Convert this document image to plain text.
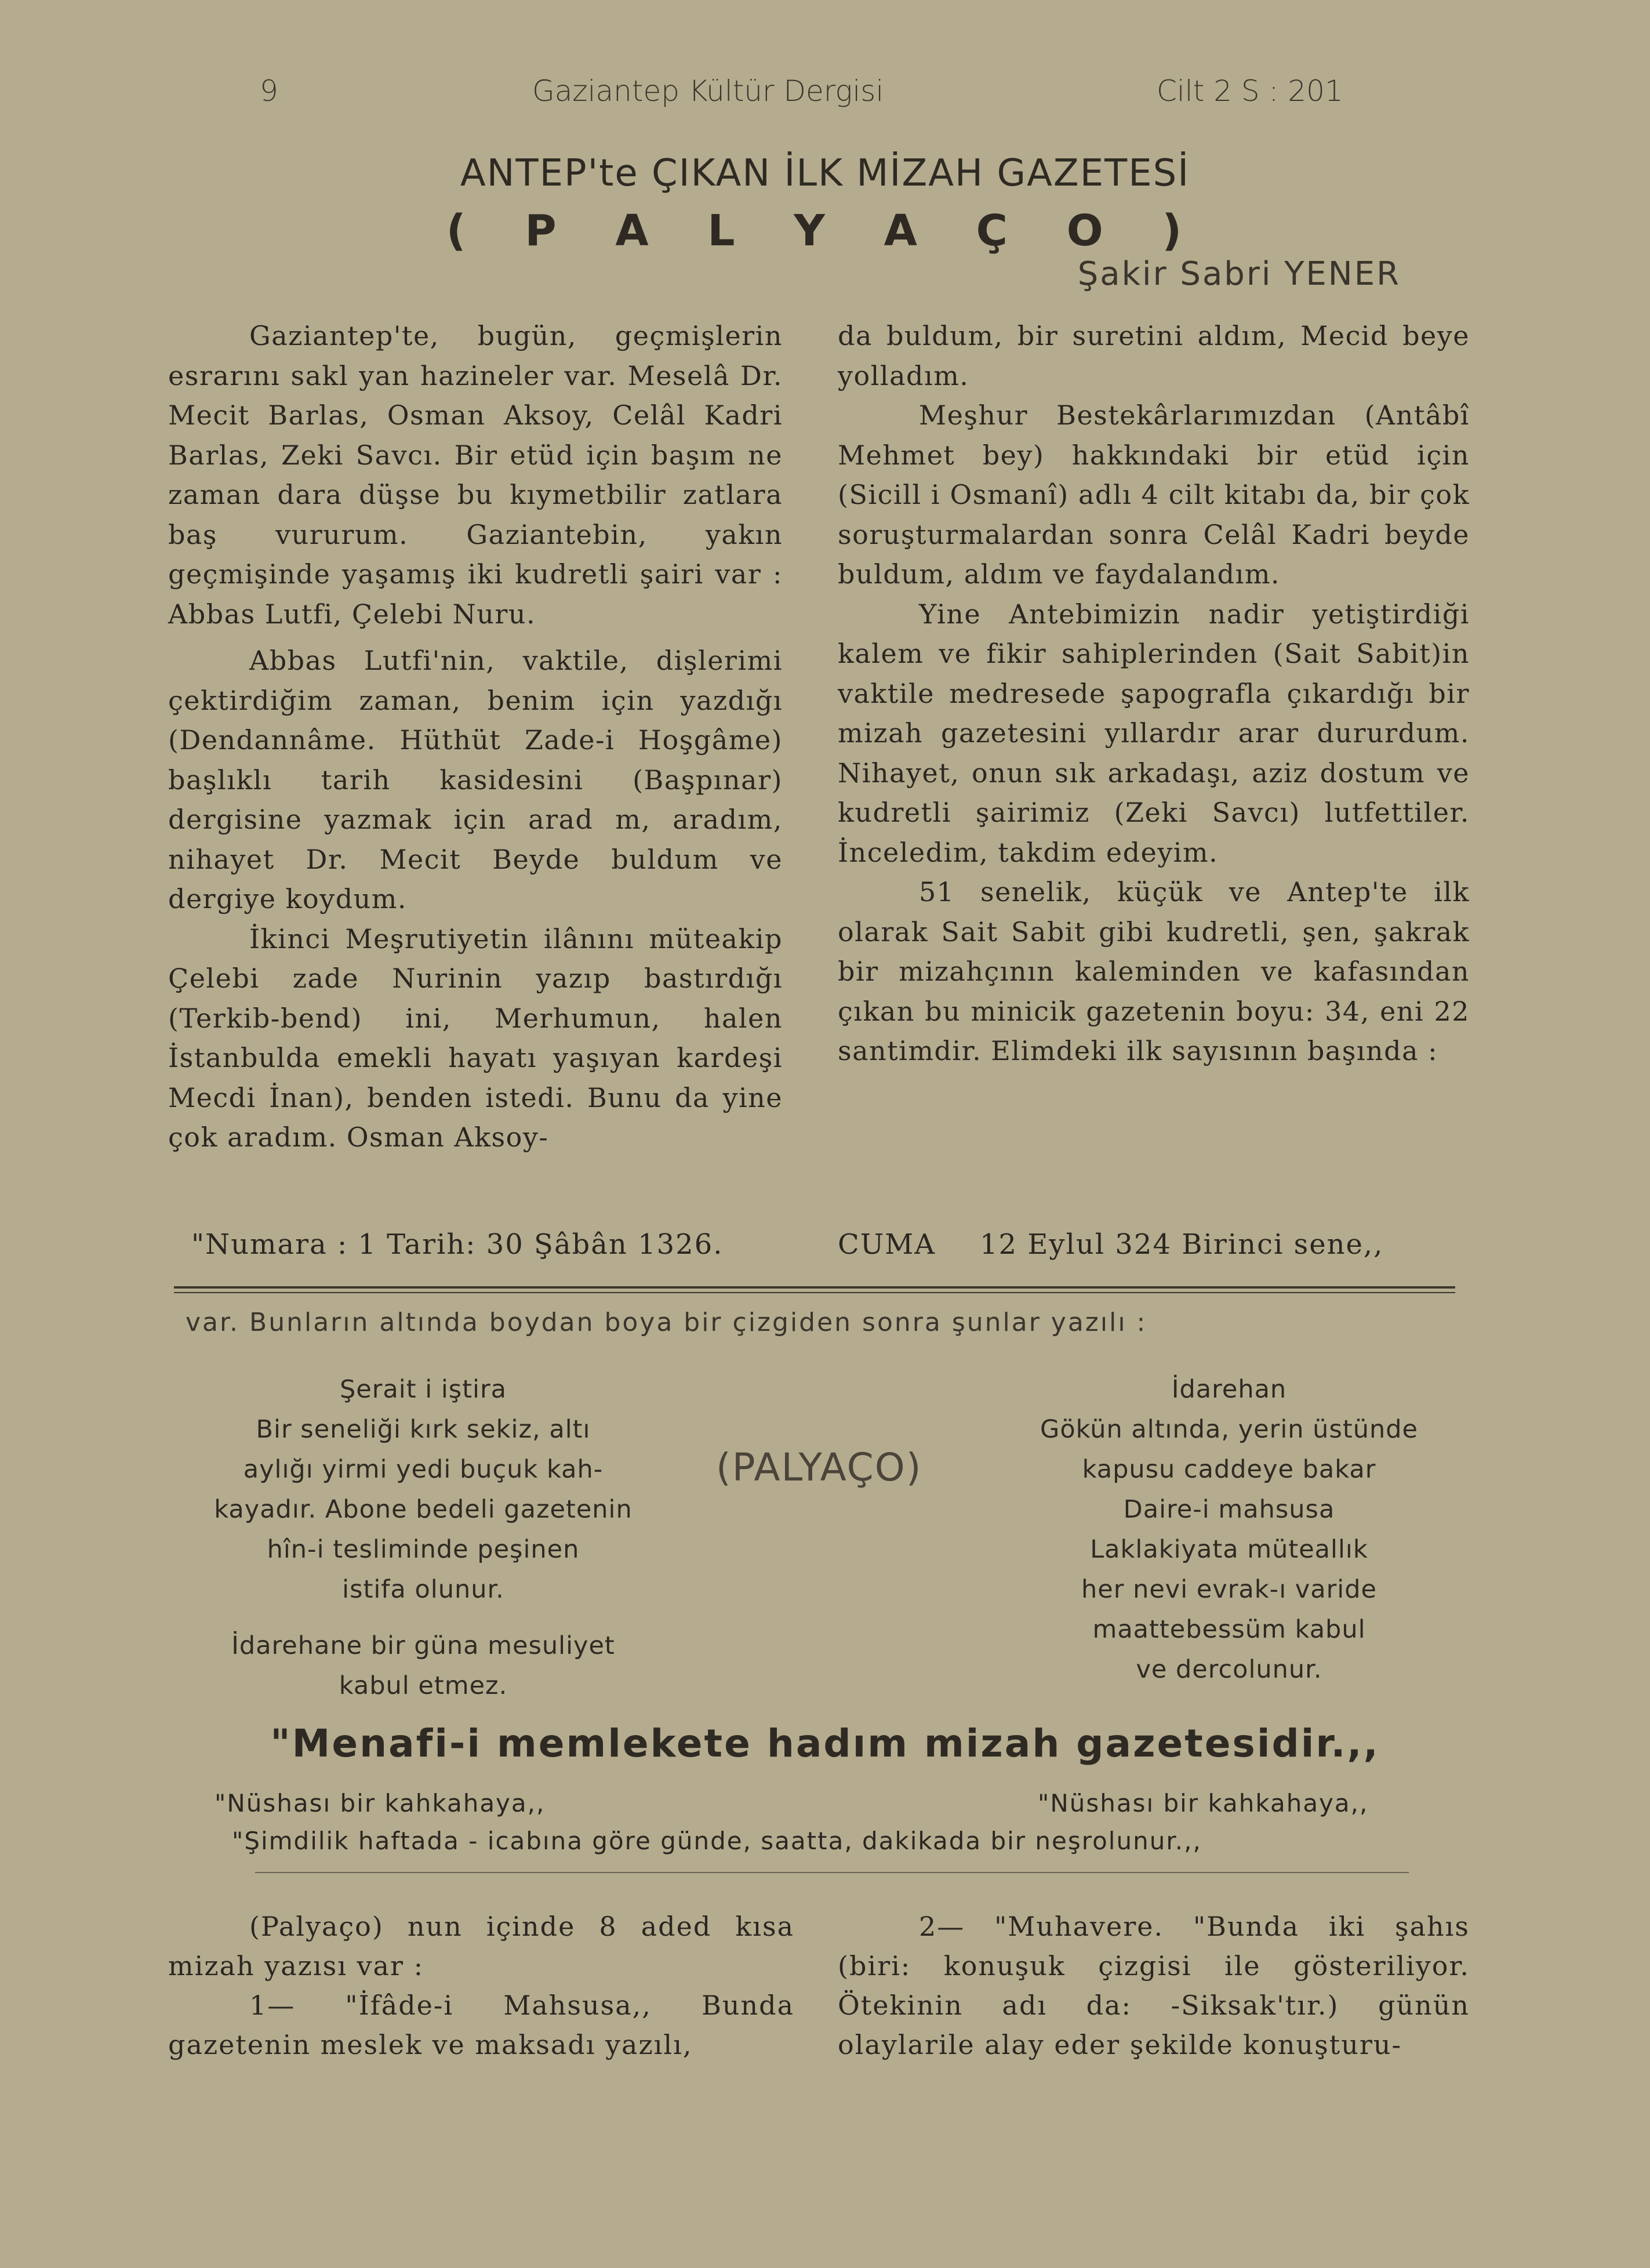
9	Gaziantep Kültür Dergisi	Cilt 2 S : 201
ANTEP'te ÇIKAN İLK MİZAH GAZETESİ
( P A L Y A Ç O )
Şakir Sabri YENER

Gaziantep'te, bugün, geçmişlerin esrarını sakl yan hazineler var. Meselâ Dr. Mecit Barlas, Osman Aksoy, Celâl Kadri Barlas, Zeki Savcı. Bir etüd için başım ne zaman dara düşse bu kıymetbilir zatlara baş vururum. Gaziantebin, yakın geçmişinde yaşamış iki kudretli şairi var : Abbas Lutfi, Çelebi Nuru.

Abbas Lutfi'nin, vaktile, dişlerimi çektirdiğim zaman, benim için yazdığı (Dendannâme. Hüthüt Zade-i Hoşgâme) başlıklı tarih kasidesini (Başpınar) dergisine yazmak için arad m, aradım, nihayet Dr. Mecit Beyde buldum ve dergiye koydum.

İkinci Meşrutiyetin ilânını müteakip Çelebi zade Nurinin yazıp bastırdığı (Terkib-bend) ini, Merhumun, halen İstanbulda emekli hayatı yaşıyan kardeşi Mecdi İnan), benden istedi. Bunu da yine çok aradım. Osman Aksoy-

da buldum, bir suretini aldım, Mecid beye yolladım.

Meşhur Bestekârlarımızdan (Antâbî Mehmet bey) hakkındaki bir etüd için (Sicill i Osmanî) adlı 4 cilt kitabı da, bir çok soruşturmalardan sonra Celâl Kadri beyde buldum, aldım ve faydalandım.

Yine Antebimizin nadir yetiştirdiği kalem ve fikir sahiplerinden (Sait Sabit)in vaktile medresede şapografla çıkardığı bir mizah gazetesini yıllardır arar dururdum. Nihayet, onun sık arkadaşı, aziz dostum ve kudretli şairimiz (Zeki Savcı) lutfettiler. İnceledim, takdim edeyim.

51 senelik, küçük ve Antep'te ilk olarak Sait Sabit gibi kudretli, şen, şakrak bir mizahçının kaleminden ve kafasından çıkan bu minicik gazetenin boyu: 34, eni 22 santimdir. Elimdeki ilk sayısının başında :

"Numara : 1 Tarih: 30 Şâbân 1326.	CUMA 12 Eylul 324 Birinci sene,,
var. Bunların altında boydan boya bir çizgiden sonra şunlar yazılı :
Şerait i iştira
Bir seneliği kırk sekiz, altı
aylığı yirmi yedi buçuk kah-
kayadır. Abone bedeli gazetenin
hîn-i tesliminde peşinen
istifa olunur.
İdarehane bir güna mesuliyet
kabul etmez.
(PALYAÇO)
İdarehan
Gökün altında, yerin üstünde
kapusu caddeye bakar
Daire-i mahsusa
Laklakiyata müteallık
her nevi evrak-ı varide
maattebessüm kabul
ve dercolunur.
"Menafi-i memlekete hadım mizah gazetesidir.,,
"Nüshası bir kahkahaya,,	"Nüshası bir kahkahaya,,
"Şimdilik haftada - icabına göre günde, saatta, dakikada bir neşrolunur.,,

(Palyaço) nun içinde 8 aded kısa mizah yazısı var :

1— "İfâde-i Mahsusa,, Bunda gazetenin meslek ve maksadı yazılı,

2— "Muhavere. "Bunda iki şahıs (biri: konuşuk çizgisi ile gösteriliyor. Ötekinin adı da: -Siksak'tır.) günün olaylarile alay eder şekilde konuşturu-
